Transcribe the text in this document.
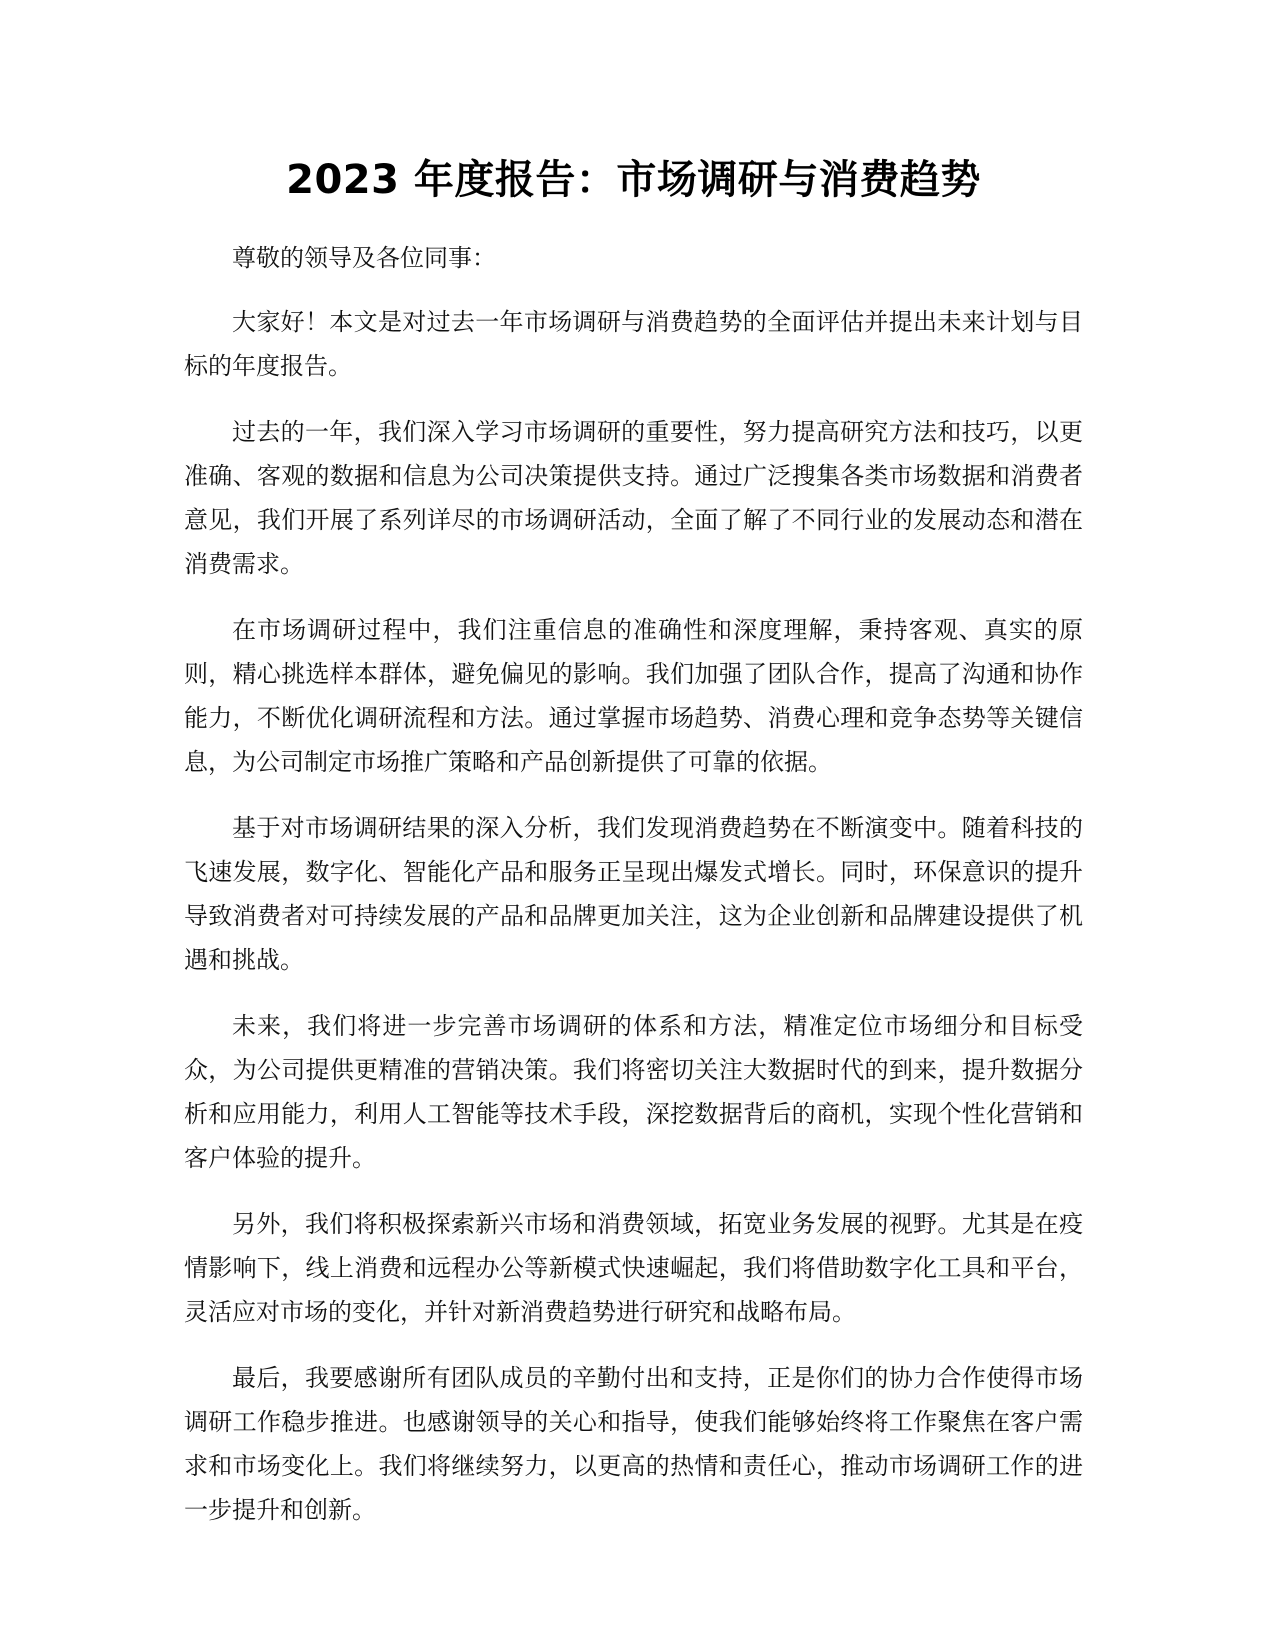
2023 年度报告：市场调研与消费趋势

尊敬的领导及各位同事：

大家好！本文是对过去一年市场调研与消费趋势的全面评估并提出未来计划与目标的年度报告。

过去的一年，我们深入学习市场调研的重要性，努力提高研究方法和技巧，以更准确、客观的数据和信息为公司决策提供支持。通过广泛搜集各类市场数据和消费者意见，我们开展了系列详尽的市场调研活动，全面了解了不同行业的发展动态和潜在消费需求。

在市场调研过程中，我们注重信息的准确性和深度理解，秉持客观、真实的原则，精心挑选样本群体，避免偏见的影响。我们加强了团队合作，提高了沟通和协作能力，不断优化调研流程和方法。通过掌握市场趋势、消费心理和竞争态势等关键信息，为公司制定市场推广策略和产品创新提供了可靠的依据。

基于对市场调研结果的深入分析，我们发现消费趋势在不断演变中。随着科技的飞速发展，数字化、智能化产品和服务正呈现出爆发式增长。同时，环保意识的提升导致消费者对可持续发展的产品和品牌更加关注，这为企业创新和品牌建设提供了机遇和挑战。

未来，我们将进一步完善市场调研的体系和方法，精准定位市场细分和目标受众，为公司提供更精准的营销决策。我们将密切关注大数据时代的到来，提升数据分析和应用能力，利用人工智能等技术手段，深挖数据背后的商机，实现个性化营销和客户体验的提升。

另外，我们将积极探索新兴市场和消费领域，拓宽业务发展的视野。尤其是在疫情影响下，线上消费和远程办公等新模式快速崛起，我们将借助数字化工具和平台，灵活应对市场的变化，并针对新消费趋势进行研究和战略布局。

最后，我要感谢所有团队成员的辛勤付出和支持，正是你们的协力合作使得市场调研工作稳步推进。也感谢领导的关心和指导，使我们能够始终将工作聚焦在客户需求和市场变化上。我们将继续努力，以更高的热情和责任心，推动市场调研工作的进一步提升和创新。
